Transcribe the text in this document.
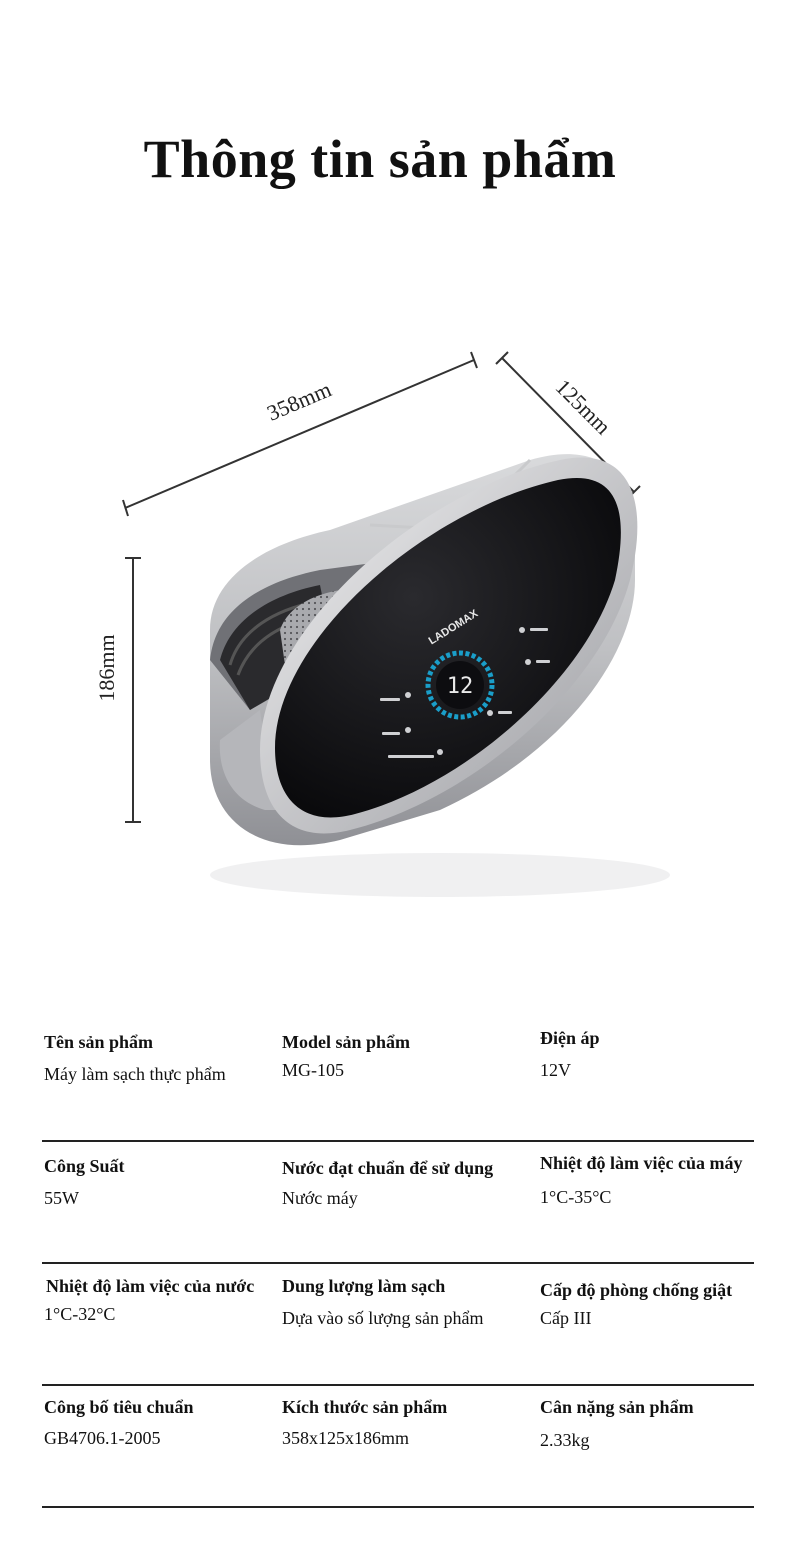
Thông tin sản phẩm
358mm	125mm
186mm
LADOMAX
12
Tên sản phẩm
Máy làm sạch thực phẩm
Model sản phẩm
MG-105
Điện áp
12V
Công Suất
55W
Nước đạt chuẩn để sử dụng
Nước máy
Nhiệt độ làm việc của máy
1°C-35°C
Nhiệt độ làm việc của nước
1°C-32°C
Dung lượng làm sạch
Dựa vào số lượng sản phẩm
Cấp độ phòng chống giật
Cấp III
Công bố tiêu chuẩn
GB4706.1-2005
Kích thước sản phẩm
358x125x186mm
Cân nặng sản phẩm
2.33kg
